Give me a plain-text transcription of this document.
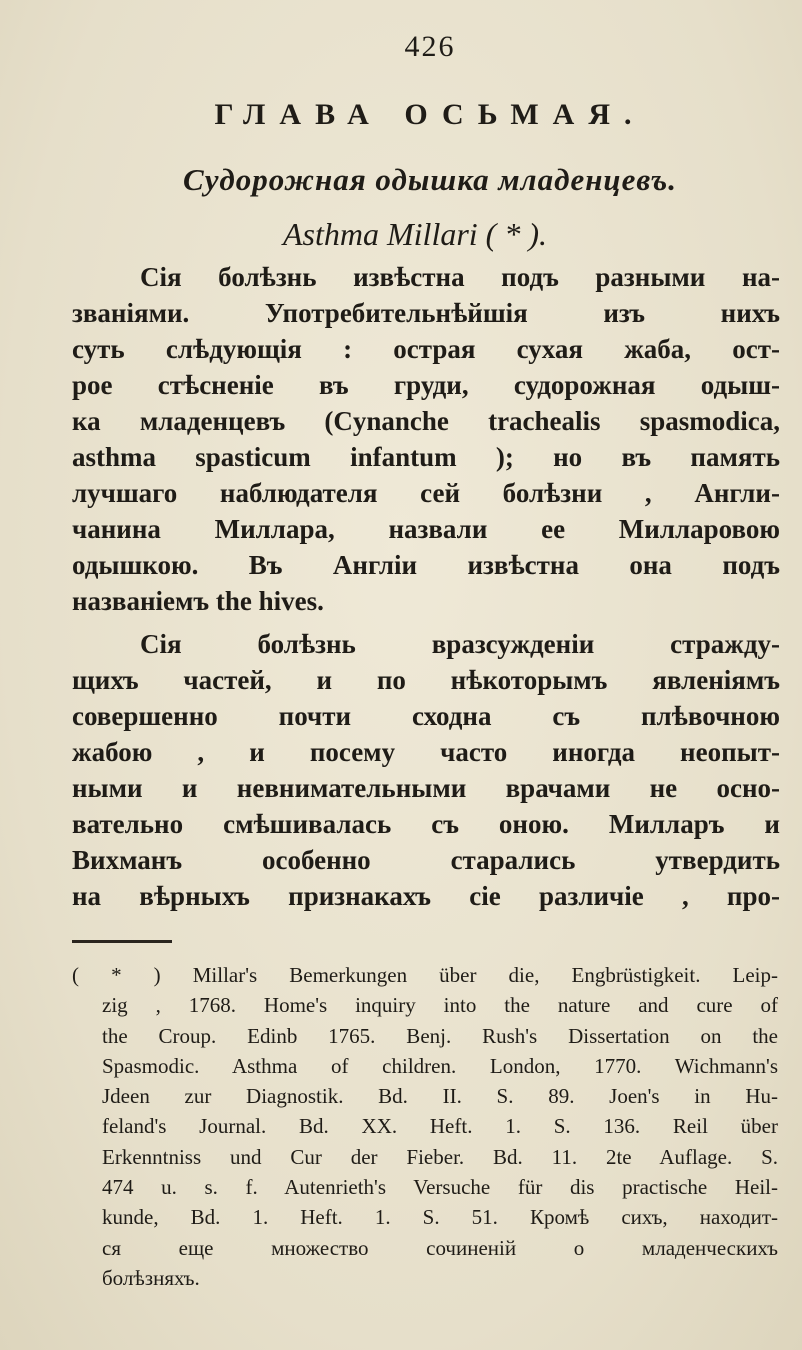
426
ГЛАВА ОСЬМАЯ.
Судорожная одышка младенцевъ.
Asthma Millari ( * ).
Сія болѣзнь извѣстна подъ разными на-
званіями. Употребительнѣйшія изъ нихъ
суть слѣдующія : острая сухая жаба, ост-
рое стѣсненіе въ груди, судорожная одыш-
ка младенцевъ (Cynanche trachealis spasmodica,
asthma spasticum infantum ); но въ память
лучшаго наблюдателя сей болѣзни , Англи-
чанина Миллара, назвали ее Милларовою
одышкою. Въ Англіи извѣстна она подъ
названіемъ the hives.
Сія болѣзнь вразсужденіи стражду-
щихъ частей, и по нѣкоторымъ явленіямъ
совершенно почти сходна съ плѣвочною
жабою , и посему часто иногда неопыт-
ными и невнимательными врачами не осно-
вательно смѣшивалась съ оною. Милларъ и
Вихманъ особенно старались утвердить
на вѣрныхъ признакахъ сіе различіе , про-
( * ) Millar's Bemerkungen über die, Engbrüstigkeit. Leip-
zig , 1768. Home's inquiry into the nature and cure of
the Croup. Edinb 1765. Benj. Rush's Dissertation on the
Spasmodic. Asthma of children. London, 1770. Wichmann's
Jdeen zur Diagnostik. Bd. II. S. 89. Joen's in Hu-
feland's Journal. Bd. XX. Heft. 1. S. 136. Reil über
Erkenntniss und Cur der Fieber. Bd. 11. 2te Auflage. S.
474 u. s. f. Autenrieth's Versuche für dis practische Heil-
kunde, Bd. 1. Heft. 1. S. 51. Кромѣ сихъ, находит-
ся еще множество сочиненій о младенческихъ
болѣзняхъ.
